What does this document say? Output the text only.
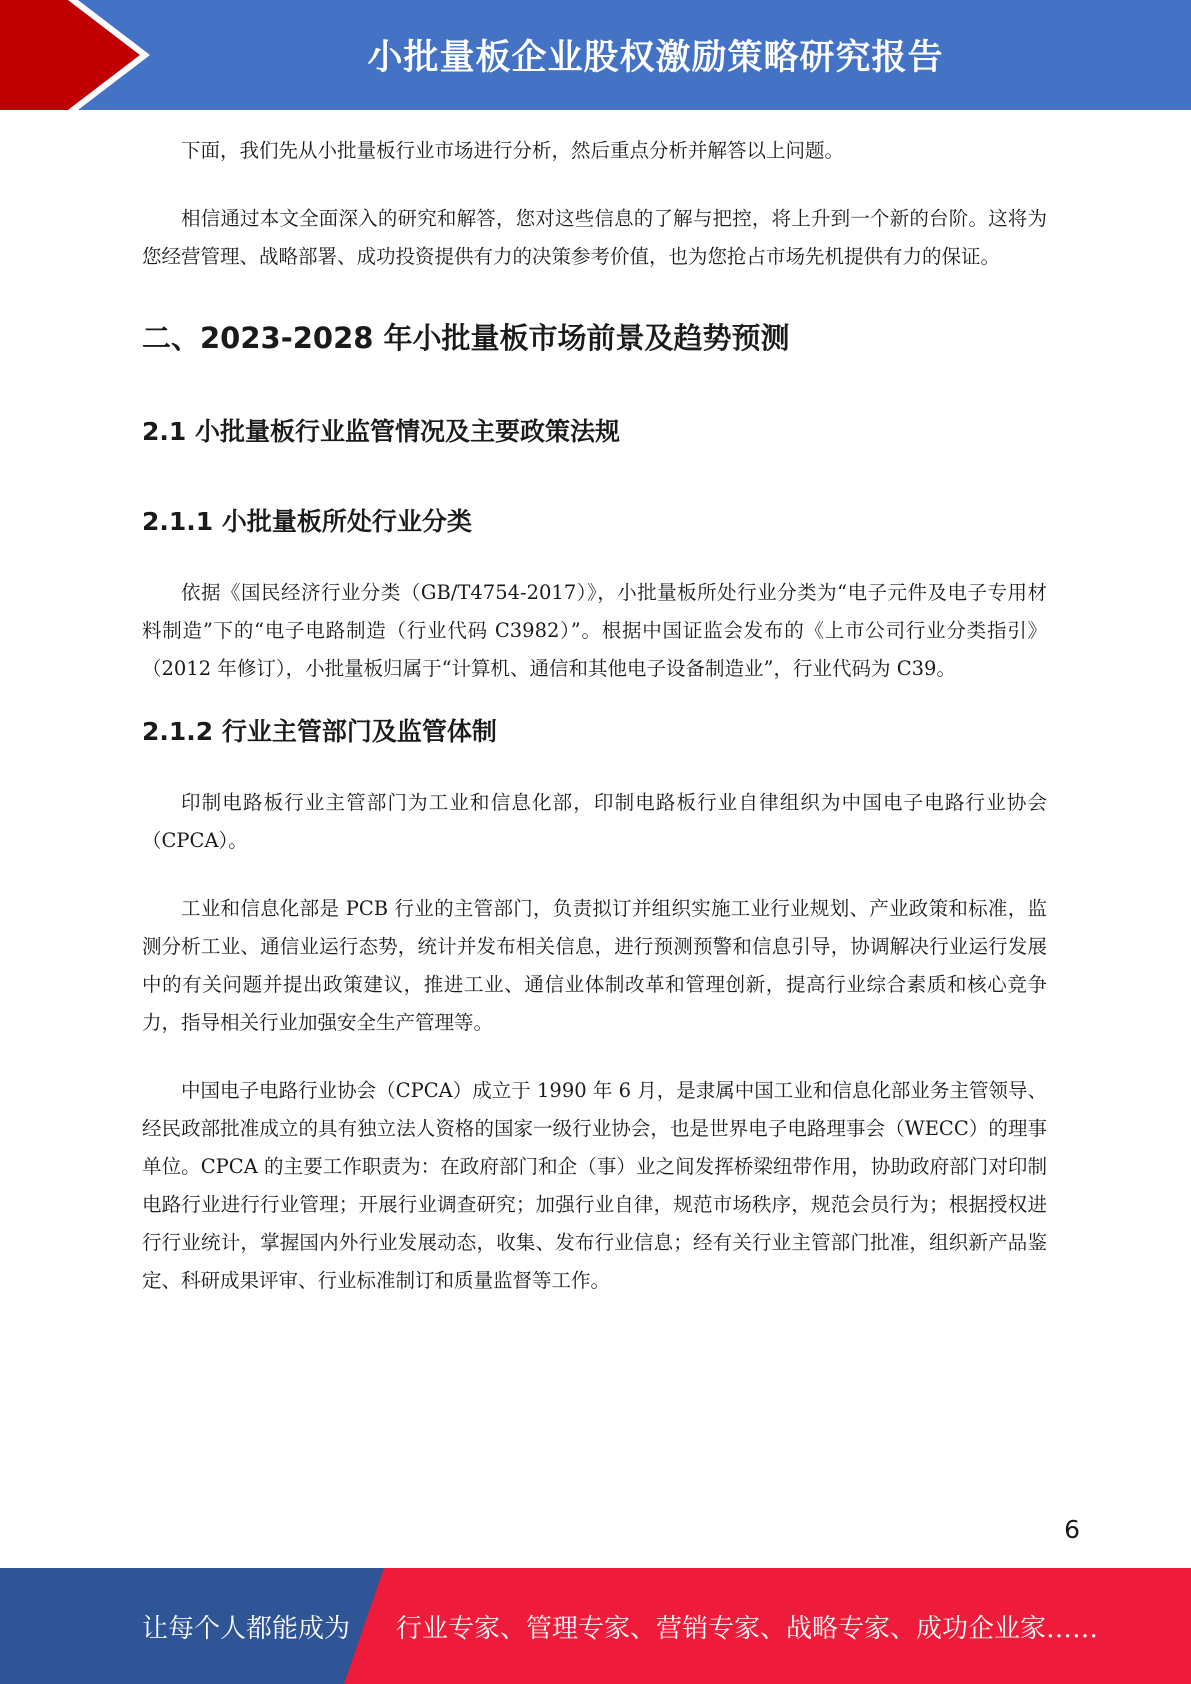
小批量板企业股权激励策略研究报告

下面，我们先从小批量板行业市场进行分析，然后重点分析并解答以上问题。

相信通过本文全面深入的研究和解答，您对这些信息的了解与把控，将上升到一个新的台阶。这将为您经营管理、战略部署、成功投资提供有力的决策参考价值，也为您抢占市场先机提供有力的保证。

二、2023-2028 年小批量板市场前景及趋势预测
2.1 小批量板行业监管情况及主要政策法规
2.1.1 小批量板所处行业分类

依据《国民经济行业分类（GB/T4754-2017）》，小批量板所处行业分类为“电子元件及电子专用材料制造”下的“电子电路制造（行业代码 C3982）”。根据中国证监会发布的《上市公司行业分类指引》（2012 年修订），小批量板归属于“计算机、通信和其他电子设备制造业”，行业代码为 C39。

2.1.2 行业主管部门及监管体制

印制电路板行业主管部门为工业和信息化部，印制电路板行业自律组织为中国电子电路行业协会（CPCA）。

工业和信息化部是 PCB 行业的主管部门，负责拟订并组织实施工业行业规划、产业政策和标准，监测分析工业、通信业运行态势，统计并发布相关信息，进行预测预警和信息引导，协调解决行业运行发展中的有关问题并提出政策建议，推进工业、通信业体制改革和管理创新，提高行业综合素质和核心竞争力，指导相关行业加强安全生产管理等。

中国电子电路行业协会（CPCA）成立于 1990 年 6 月，是隶属中国工业和信息化部业务主管领导、经民政部批准成立的具有独立法人资格的国家一级行业协会，也是世界电子电路理事会（WECC）的理事单位。CPCA 的主要工作职责为：在政府部门和企（事）业之间发挥桥梁纽带作用，协助政府部门对印制电路行业进行行业管理；开展行业调查研究；加强行业自律，规范市场秩序，规范会员行为；根据授权进行行业统计，掌握国内外行业发展动态，收集、发布行业信息；经有关行业主管部门批准，组织新产品鉴定、科研成果评审、行业标准制订和质量监督等工作。

6
让每个人都能成为 行业专家、管理专家、营销专家、战略专家、成功企业家……
